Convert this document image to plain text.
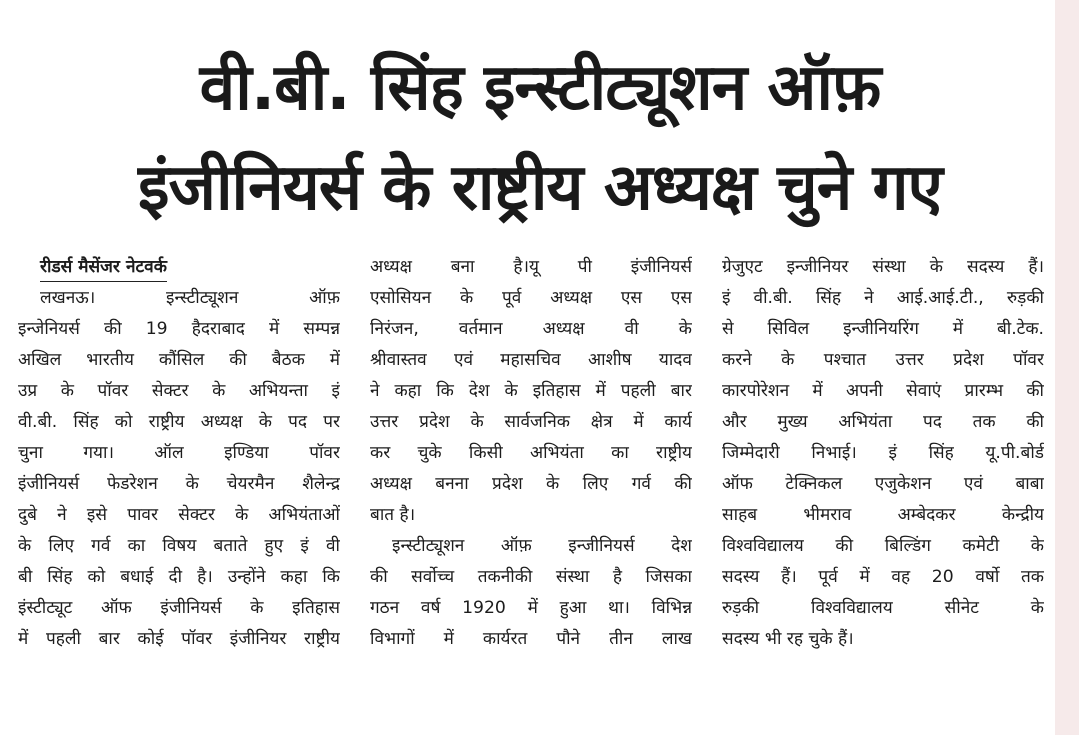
वी.बी. सिंह इन्स्टीट्यूशन ऑफ़
इंजीनियर्स के राष्ट्रीय अध्यक्ष चुने गए
रीडर्स मैसेंजर नेटवर्क
लखनऊ। इन्स्टीट्यूशन ऑफ़
इन्जेनियर्स की 19 हैदराबाद में सम्पन्न
अखिल भारतीय कौंसिल की बैठक में
उप्र के पॉवर सेक्टर के अभियन्ता इं
वी.बी. सिंह को राष्ट्रीय अध्यक्ष के पद पर
चुना गया। ऑल इण्डिया पॉवर
इंजीनियर्स फेडरेशन के चेयरमैन शैलेन्द्र
दुबे ने इसे पावर सेक्टर के अभियंताओं
के लिए गर्व का विषय बताते हुए इं वी
बी सिंह को बधाई दी है। उन्होंने कहा कि
इंस्टीट्यूट ऑफ इंजीनियर्स के इतिहास
में पहली बार कोई पॉवर इंजीनियर राष्ट्रीय
अध्यक्ष बना है।यू पी इंजीनियर्स
एसोसियन के पूर्व अध्यक्ष एस एस
निरंजन, वर्तमान अध्यक्ष वी के
श्रीवास्तव एवं महासचिव आशीष यादव
ने कहा कि देश के इतिहास में पहली बार
उत्तर प्रदेश के सार्वजनिक क्षेत्र में कार्य
कर चुके किसी अभियंता का राष्ट्रीय
अध्यक्ष बनना प्रदेश के लिए गर्व की
बात है।
इन्स्टीट्यूशन ऑफ़ इन्जीनियर्स देश
की सर्वोच्च तकनीकी संस्था है जिसका
गठन वर्ष 1920 में हुआ था। विभिन्न
विभागों में कार्यरत पौने तीन लाख
ग्रेजुएट इन्जीनियर संस्था के सदस्य हैं।
इं वी.बी. सिंह ने आई.आई.टी., रुड़की
से सिविल इन्जीनियरिंग में बी.टेक.
करने के पश्चात उत्तर प्रदेश पॉवर
कारपोरेशन में अपनी सेवाएं प्रारम्भ की
और मुख्य अभियंता पद तक की
जिम्मेदारी निभाई। इं सिंह यू.पी.बोर्ड
ऑफ टेक्निकल एजुकेशन एवं बाबा
साहब भीमराव अम्बेदकर केन्द्रीय
विश्वविद्यालय की बिल्डिंग कमेटी के
सदस्य हैं। पूर्व में वह 20 वर्षो तक
रुड़की विश्वविद्यालय सीनेट के
सदस्य भी रह चुके हैं।
